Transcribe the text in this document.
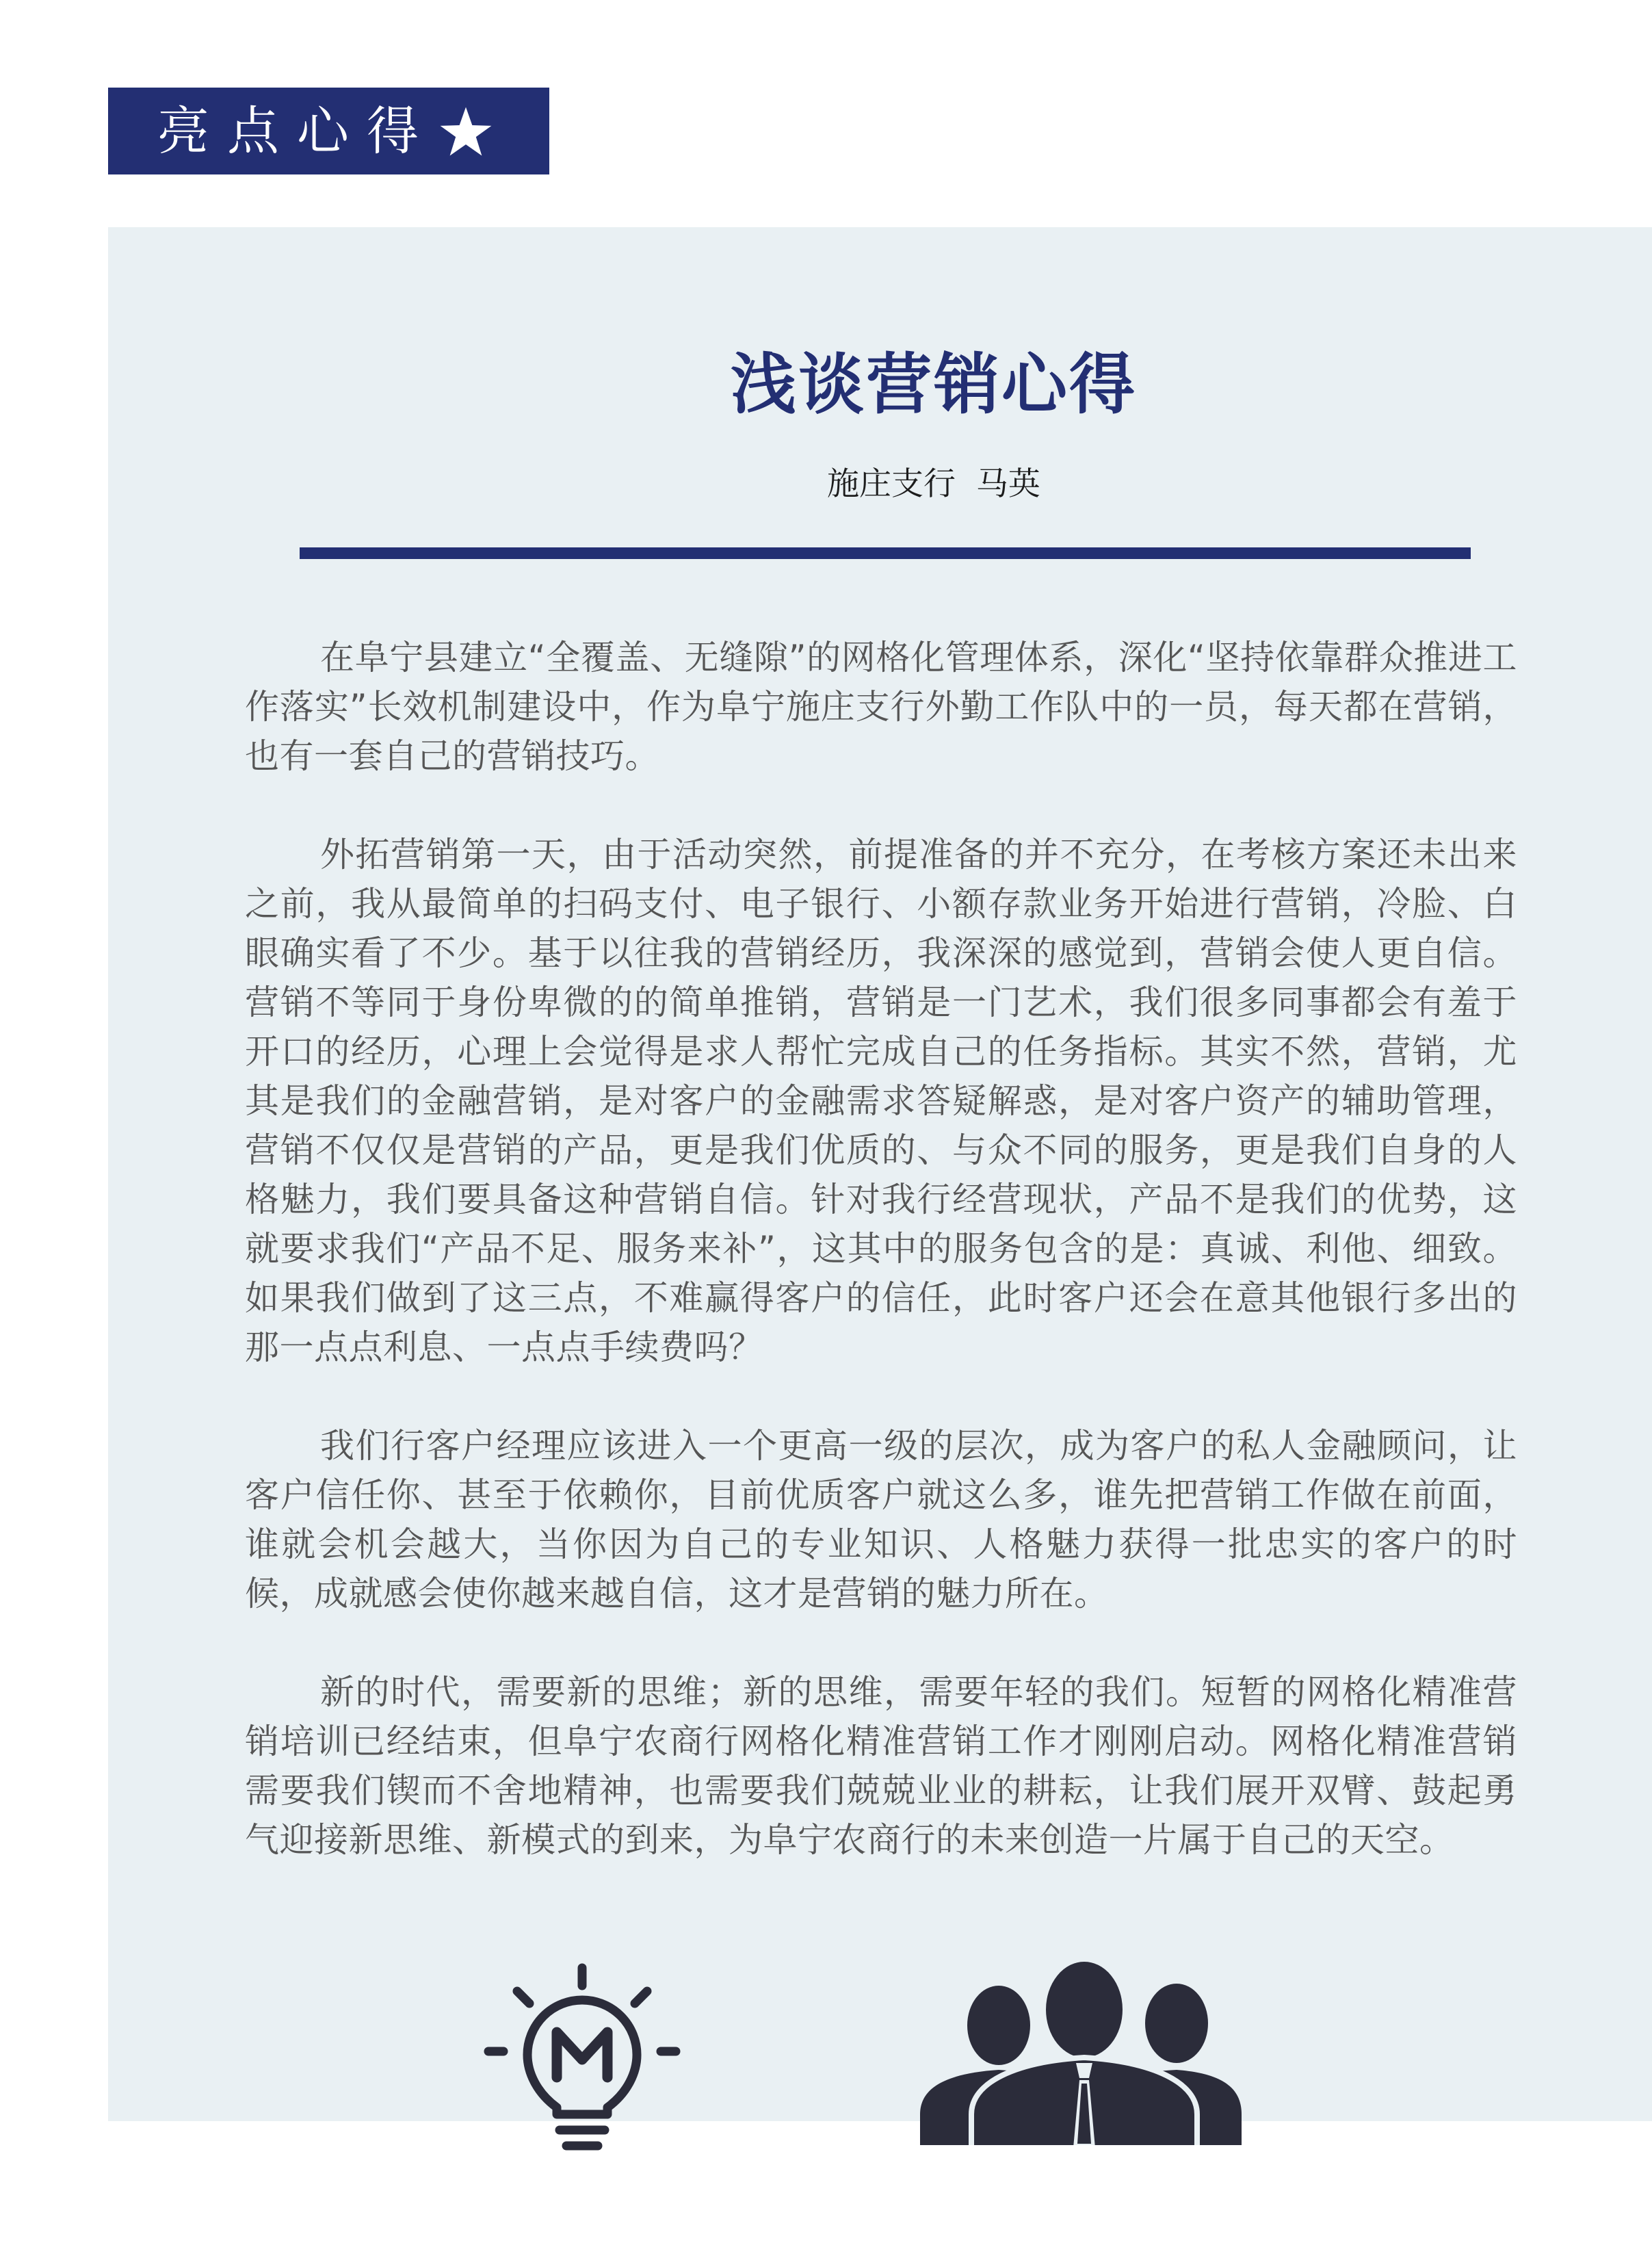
亮点心得
浅谈营销心得
施庄支行  马英

在阜宁县建立“全覆盖、无缝隙”的网格化管理体系，深化“坚持依靠群众推进工作落实”长效机制建设中，作为阜宁施庄支行外勤工作队中的一员，每天都在营销，也有一套自己的营销技巧。

外拓营销第一天，由于活动突然，前提准备的并不充分，在考核方案还未出来之前，我从最简单的扫码支付、电子银行、小额存款业务开始进行营销，冷脸、白眼确实看了不少。基于以往我的营销经历，我深深的感觉到，营销会使人更自信。营销不等同于身份卑微的的简单推销，营销是一门艺术，我们很多同事都会有羞于开口的经历，心理上会觉得是求人帮忙完成自己的任务指标。其实不然，营销，尤其是我们的金融营销，是对客户的金融需求答疑解惑，是对客户资产的辅助管理，营销不仅仅是营销的产品，更是我们优质的、与众不同的服务，更是我们自身的人格魅力，我们要具备这种营销自信。针对我行经营现状，产品不是我们的优势，这就要求我们“产品不足、服务来补”，这其中的服务包含的是：真诚、利他、细致。如果我们做到了这三点，不难赢得客户的信任，此时客户还会在意其他银行多出的那一点点利息、一点点手续费吗？

我们行客户经理应该进入一个更高一级的层次，成为客户的私人金融顾问，让客户信任你、甚至于依赖你，目前优质客户就这么多，谁先把营销工作做在前面，谁就会机会越大，当你因为自己的专业知识、人格魅力获得一批忠实的客户的时候，成就感会使你越来越自信，这才是营销的魅力所在。

新的时代，需要新的思维；新的思维，需要年轻的我们。短暂的网格化精准营销培训已经结束，但阜宁农商行网格化精准营销工作才刚刚启动。网格化精准营销需要我们锲而不舍地精神，也需要我们兢兢业业的耕耘，让我们展开双臂、鼓起勇气迎接新思维、新模式的到来，为阜宁农商行的未来创造一片属于自己的天空。
